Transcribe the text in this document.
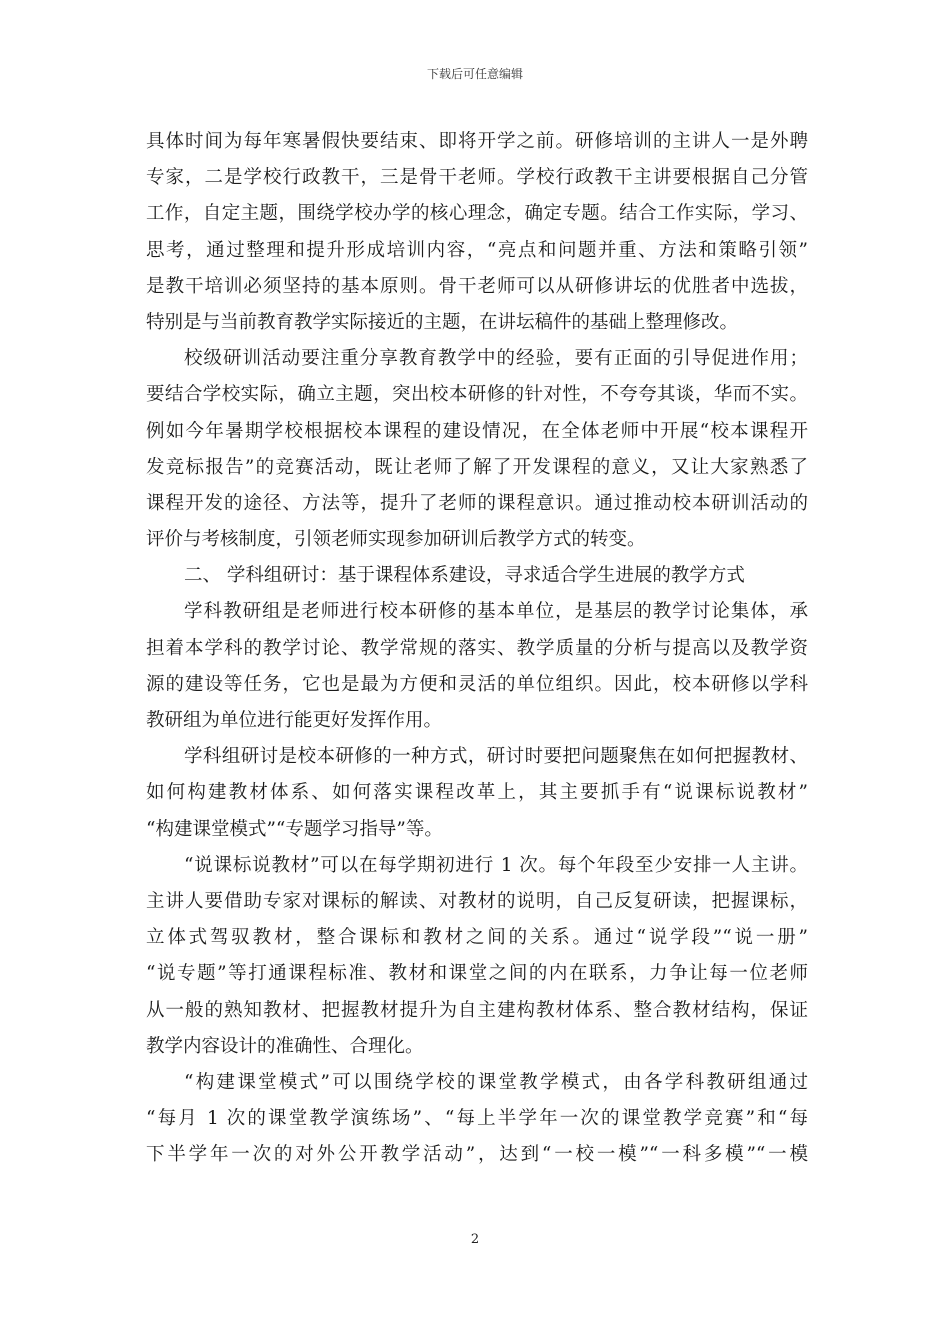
下载后可任意编辑
具体时间为每年寒暑假快要结束、即将开学之前。研修培训的主讲人一是外聘
专家，二是学校行政教干，三是骨干老师。学校行政教干主讲要根据自己分管
工作，自定主题，围绕学校办学的核心理念，确定专题。结合工作实际，学习、
思考，通过整理和提升形成培训内容，“亮点和问题并重、方法和策略引领”
是教干培训必须坚持的基本原则。骨干老师可以从研修讲坛的优胜者中选拔，
特别是与当前教育教学实际接近的主题，在讲坛稿件的基础上整理修改。
校级研训活动要注重分享教育教学中的经验，要有正面的引导促进作用；
要结合学校实际，确立主题，突出校本研修的针对性，不夸夸其谈，华而不实。
例如今年暑期学校根据校本课程的建设情况，在全体老师中开展“校本课程开
发竞标报告”的竞赛活动，既让老师了解了开发课程的意义，又让大家熟悉了
课程开发的途径、方法等，提升了老师的课程意识。通过推动校本研训活动的
评价与考核制度，引领老师实现参加研训后教学方式的转变。
二、 学科组研讨：基于课程体系建设，寻求适合学生进展的教学方式
学科教研组是老师进行校本研修的基本单位，是基层的教学讨论集体，承
担着本学科的教学讨论、教学常规的落实、教学质量的分析与提高以及教学资
源的建设等任务，它也是最为方便和灵活的单位组织。因此，校本研修以学科
教研组为单位进行能更好发挥作用。
学科组研讨是校本研修的一种方式，研讨时要把问题聚焦在如何把握教材、
如何构建教材体系、如何落实课程改革上，其主要抓手有“说课标说教材”
“构建课堂模式”“专题学习指导”等。
“说课标说教材”可以在每学期初进行 1 次。每个年段至少安排一人主讲。
主讲人要借助专家对课标的解读、对教材的说明，自己反复研读，把握课标，
立体式驾驭教材，整合课标和教材之间的关系。通过“说学段”“说一册”
“说专题”等打通课程标准、教材和课堂之间的内在联系，力争让每一位老师
从一般的熟知教材、把握教材提升为自主建构教材体系、整合教材结构，保证
教学内容设计的准确性、合理化。
“构建课堂模式”可以围绕学校的课堂教学模式，由各学科教研组通过
“每月 1 次的课堂教学演练场”、“每上半学年一次的课堂教学竞赛”和“每
下半学年一次的对外公开教学活动”，达到“一校一模”“一科多模”“一模
2
